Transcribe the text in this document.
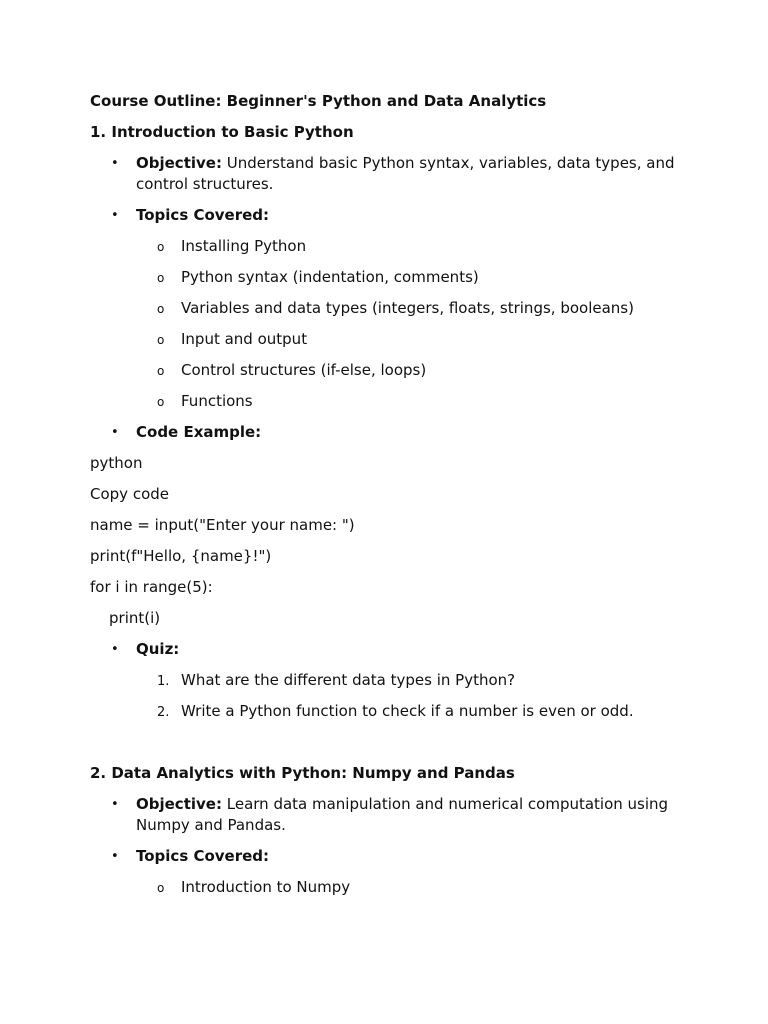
Course Outline: Beginner's Python and Data Analytics

1. Introduction to Basic Python

• Objective: Understand basic Python syntax, variables, data types, and control structures.
• Topics Covered:
o Installing Python
o Python syntax (indentation, comments)
o Variables and data types (integers, floats, strings, booleans)
o Input and output
o Control structures (if-else, loops)
o Functions
• Code Example:

python

Copy code

name = input("Enter your name: ")

print(f"Hello, {name}!")

for i in range(5):

print(i)

• Quiz:
1. What are the different data types in Python?
2. Write a Python function to check if a number is even or odd.

2. Data Analytics with Python: Numpy and Pandas

• Objective: Learn data manipulation and numerical computation using Numpy and Pandas.
• Topics Covered:
o Introduction to Numpy
